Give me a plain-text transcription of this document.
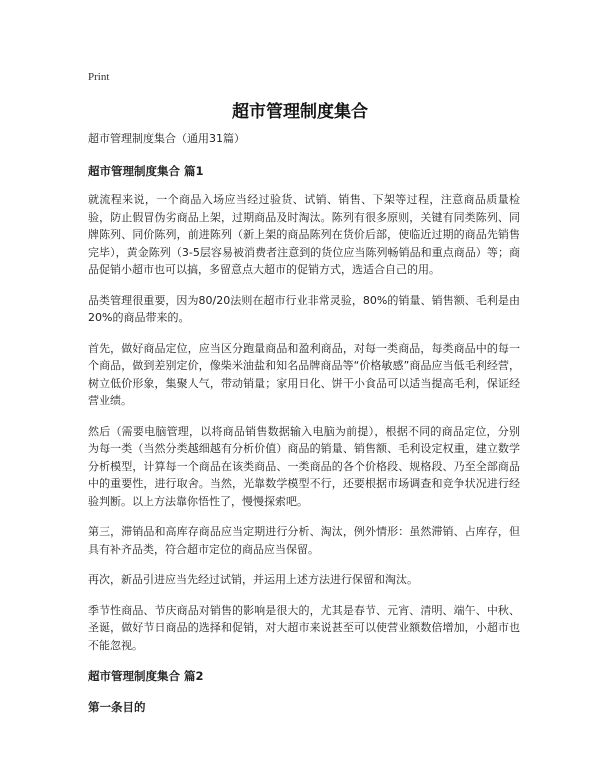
Print
超市管理制度集合

超市管理制度集合（通用31篇）

超市管理制度集合 篇1

就流程来说，一个商品入场应当经过验货、试销、销售、下架等过程，注意商品质量检验，防止假冒伪劣商品上架，过期商品及时淘汰。陈列有很多原则，关键有同类陈列、同牌陈列、同价陈列，前进陈列（新上架的商品陈列在货价后部，使临近过期的商品先销售完毕），黄金陈列（3-5层容易被消费者注意到的货位应当陈列畅销品和重点商品）等；商品促销小超市也可以搞，多留意点大超市的促销方式，选适合自己的用。

品类管理很重要，因为80/20法则在超市行业非常灵验，80%的销量、销售额、毛利是由20%的商品带来的。

首先，做好商品定位，应当区分跑量商品和盈利商品，对每一类商品，每类商品中的每一个商品，做到差别定价，像柴米油盐和知名品牌商品等“价格敏感”商品应当低毛利经营，树立低价形象，集聚人气，带动销量；家用日化、饼干小食品可以适当提高毛利，保证经营业绩。

然后（需要电脑管理，以将商品销售数据输入电脑为前提），根据不同的商品定位，分别为每一类（当然分类越细越有分析价值）商品的销量、销售额、毛利设定权重，建立数学分析模型，计算每一个商品在该类商品、一类商品的各个价格段、规格段、乃至全部商品中的重要性，进行取舍。当然，光靠数学模型不行，还要根据市场调查和竞争状况进行经验判断。以上方法靠你悟性了，慢慢探索吧。

第三，滞销品和高库存商品应当定期进行分析、淘汰，例外情形：虽然滞销、占库存，但具有补齐品类，符合超市定位的商品应当保留。

再次，新品引进应当先经过试销，并运用上述方法进行保留和淘汰。

季节性商品、节庆商品对销售的影响是很大的，尤其是春节、元宵、清明、端午、中秋、圣诞，做好节日商品的选择和促销，对大超市来说甚至可以使营业额数倍增加，小超市也不能忽视。

超市管理制度集合 篇2
第一条目的
